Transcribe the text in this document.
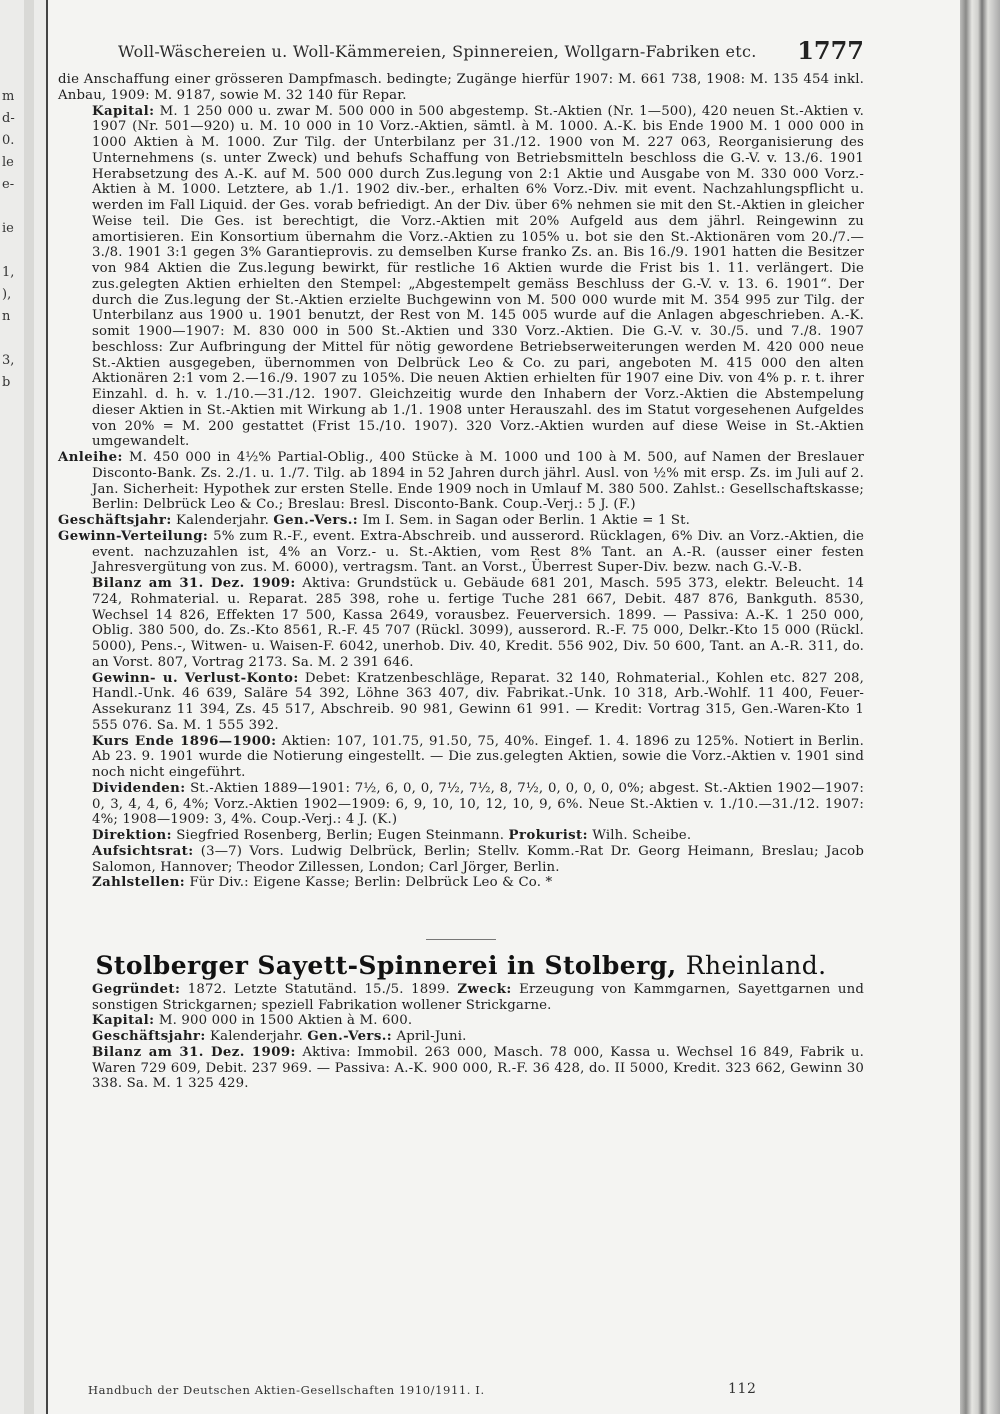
m
d-
0.
le
e-
ie
1,
),
n
3,
b
Woll-Wäschereien u. Woll-Kämmereien, Spinnereien, Wollgarn-Fabriken etc. 1777

die Anschaffung einer grösseren Dampfmasch. bedingte; Zugänge hierfür 1907: M. 661 738, 1908: M. 135 454 inkl. Anbau, 1909: M. 9187, sowie M. 32 140 für Repar.

Kapital: M. 1 250 000 u. zwar M. 500 000 in 500 abgestemp. St.-Aktien (Nr. 1—500), 420 neuen St.-Aktien v. 1907 (Nr. 501—920) u. M. 10 000 in 10 Vorz.-Aktien, sämtl. à M. 1000. A.-K. bis Ende 1900 M. 1 000 000 in 1000 Aktien à M. 1000. Zur Tilg. der Unterbilanz per 31./12. 1900 von M. 227 063, Reorganisierung des Unternehmens (s. unter Zweck) und behufs Schaffung von Betriebsmitteln beschloss die G.-V. v. 13./6. 1901 Herabsetzung des A.-K. auf M. 500 000 durch Zus.legung von 2:1 Aktie und Ausgabe von M. 330 000 Vorz.-Aktien à M. 1000. Letztere, ab 1./1. 1902 div.-ber., erhalten 6% Vorz.-Div. mit event. Nachzahlungspflicht u. werden im Fall Liquid. der Ges. vorab befriedigt. An der Div. über 6% nehmen sie mit den St.-Aktien in gleicher Weise teil. Die Ges. ist berechtigt, die Vorz.-Aktien mit 20% Aufgeld aus dem jährl. Reingewinn zu amortisieren. Ein Konsortium übernahm die Vorz.-Aktien zu 105% u. bot sie den St.-Aktionären vom 20./7.—3./8. 1901 3:1 gegen 3% Garantieprovis. zu demselben Kurse franko Zs. an. Bis 16./9. 1901 hatten die Besitzer von 984 Aktien die Zus.legung bewirkt, für restliche 16 Aktien wurde die Frist bis 1. 11. verlängert. Die zus.gelegten Aktien erhielten den Stempel: „Abgestempelt gemäss Beschluss der G.-V. v. 13. 6. 1901“. Der durch die Zus.legung der St.-Aktien erzielte Buchgewinn von M. 500 000 wurde mit M. 354 995 zur Tilg. der Unterbilanz aus 1900 u. 1901 benutzt, der Rest von M. 145 005 wurde auf die Anlagen abgeschrieben. A.-K. somit 1900—1907: M. 830 000 in 500 St.-Aktien und 330 Vorz.-Aktien. Die G.-V. v. 30./5. und 7./8. 1907 beschloss: Zur Aufbringung der Mittel für nötig gewordene Betriebserweiterungen werden M. 420 000 neue St.-Aktien ausgegeben, übernommen von Delbrück Leo & Co. zu pari, angeboten M. 415 000 den alten Aktionären 2:1 vom 2.—16./9. 1907 zu 105%. Die neuen Aktien erhielten für 1907 eine Div. von 4% p. r. t. ihrer Einzahl. d. h. v. 1./10.—31./12. 1907. Gleichzeitig wurde den Inhabern der Vorz.-Aktien die Abstempelung dieser Aktien in St.-Aktien mit Wirkung ab 1./1. 1908 unter Herauszahl. des im Statut vorgesehenen Aufgeldes von 20% = M. 200 gestattet (Frist 15./10. 1907). 320 Vorz.-Aktien wurden auf diese Weise in St.-Aktien umgewandelt.

Anleihe: M. 450 000 in 4½% Partial-Oblig., 400 Stücke à M. 1000 und 100 à M. 500, auf Namen der Breslauer Disconto-Bank. Zs. 2./1. u. 1./7. Tilg. ab 1894 in 52 Jahren durch jährl. Ausl. von ½% mit ersp. Zs. im Juli auf 2. Jan. Sicherheit: Hypothek zur ersten Stelle. Ende 1909 noch in Umlauf M. 380 500. Zahlst.: Gesellschaftskasse; Berlin: Delbrück Leo & Co.; Breslau: Bresl. Disconto-Bank. Coup.-Verj.: 5 J. (F.)

Geschäftsjahr: Kalenderjahr. Gen.-Vers.: Im I. Sem. in Sagan oder Berlin. 1 Aktie = 1 St.

Gewinn-Verteilung: 5% zum R.-F., event. Extra-Abschreib. und ausserord. Rücklagen, 6% Div. an Vorz.-Aktien, die event. nachzuzahlen ist, 4% an Vorz.- u. St.-Aktien, vom Rest 8% Tant. an A.-R. (ausser einer festen Jahresvergütung von zus. M. 6000), vertragsm. Tant. an Vorst., Überrest Super-Div. bezw. nach G.-V.-B.

Bilanz am 31. Dez. 1909: Aktiva: Grundstück u. Gebäude 681 201, Masch. 595 373, elektr. Beleucht. 14 724, Rohmaterial. u. Reparat. 285 398, rohe u. fertige Tuche 281 667, Debit. 487 876, Bankguth. 8530, Wechsel 14 826, Effekten 17 500, Kassa 2649, vorausbez. Feuerversich. 1899. — Passiva: A.-K. 1 250 000, Oblig. 380 500, do. Zs.-Kto 8561, R.-F. 45 707 (Rückl. 3099), ausserord. R.-F. 75 000, Delkr.-Kto 15 000 (Rückl. 5000), Pens.-, Witwen- u. Waisen-F. 6042, unerhob. Div. 40, Kredit. 556 902, Div. 50 600, Tant. an A.-R. 311, do. an Vorst. 807, Vortrag 2173. Sa. M. 2 391 646.

Gewinn- u. Verlust-Konto: Debet: Kratzenbeschläge, Reparat. 32 140, Rohmaterial., Kohlen etc. 827 208, Handl.-Unk. 46 639, Saläre 54 392, Löhne 363 407, div. Fabrikat.-Unk. 10 318, Arb.-Wohlf. 11 400, Feuer-Assekuranz 11 394, Zs. 45 517, Abschreib. 90 981, Gewinn 61 991. — Kredit: Vortrag 315, Gen.-Waren-Kto 1 555 076. Sa. M. 1 555 392.

Kurs Ende 1896—1900: Aktien: 107, 101.75, 91.50, 75, 40%. Eingef. 1. 4. 1896 zu 125%. Notiert in Berlin. Ab 23. 9. 1901 wurde die Notierung eingestellt. — Die zus.gelegten Aktien, sowie die Vorz.-Aktien v. 1901 sind noch nicht eingeführt.

Dividenden: St.-Aktien 1889—1901: 7½, 6, 0, 0, 7½, 7½, 8, 7½, 0, 0, 0, 0, 0%; abgest. St.-Aktien 1902—1907: 0, 3, 4, 4, 6, 4%; Vorz.-Aktien 1902—1909: 6, 9, 10, 10, 12, 10, 9, 6%. Neue St.-Aktien v. 1./10.—31./12. 1907: 4%; 1908—1909: 3, 4%. Coup.-Verj.: 4 J. (K.)

Direktion: Siegfried Rosenberg, Berlin; Eugen Steinmann. Prokurist: Wilh. Scheibe.

Aufsichtsrat: (3—7) Vors. Ludwig Delbrück, Berlin; Stellv. Komm.-Rat Dr. Georg Heimann, Breslau; Jacob Salomon, Hannover; Theodor Zillessen, London; Carl Jörger, Berlin.

Zahlstellen: Für Div.: Eigene Kasse; Berlin: Delbrück Leo & Co. *

Stolberger Sayett-Spinnerei in Stolberg, Rheinland.

Gegründet: 1872. Letzte Statutänd. 15./5. 1899. Zweck: Erzeugung von Kammgarnen, Sayettgarnen und sonstigen Strickgarnen; speziell Fabrikation wollener Strickgarne.

Kapital: M. 900 000 in 1500 Aktien à M. 600.

Geschäftsjahr: Kalenderjahr. Gen.-Vers.: April-Juni.

Bilanz am 31. Dez. 1909: Aktiva: Immobil. 263 000, Masch. 78 000, Kassa u. Wechsel 16 849, Fabrik u. Waren 729 609, Debit. 237 969. — Passiva: A.-K. 900 000, R.-F. 36 428, do. II 5000, Kredit. 323 662, Gewinn 30 338. Sa. M. 1 325 429.

Handbuch der Deutschen Aktien-Gesellschaften 1910/1911. I.	112
